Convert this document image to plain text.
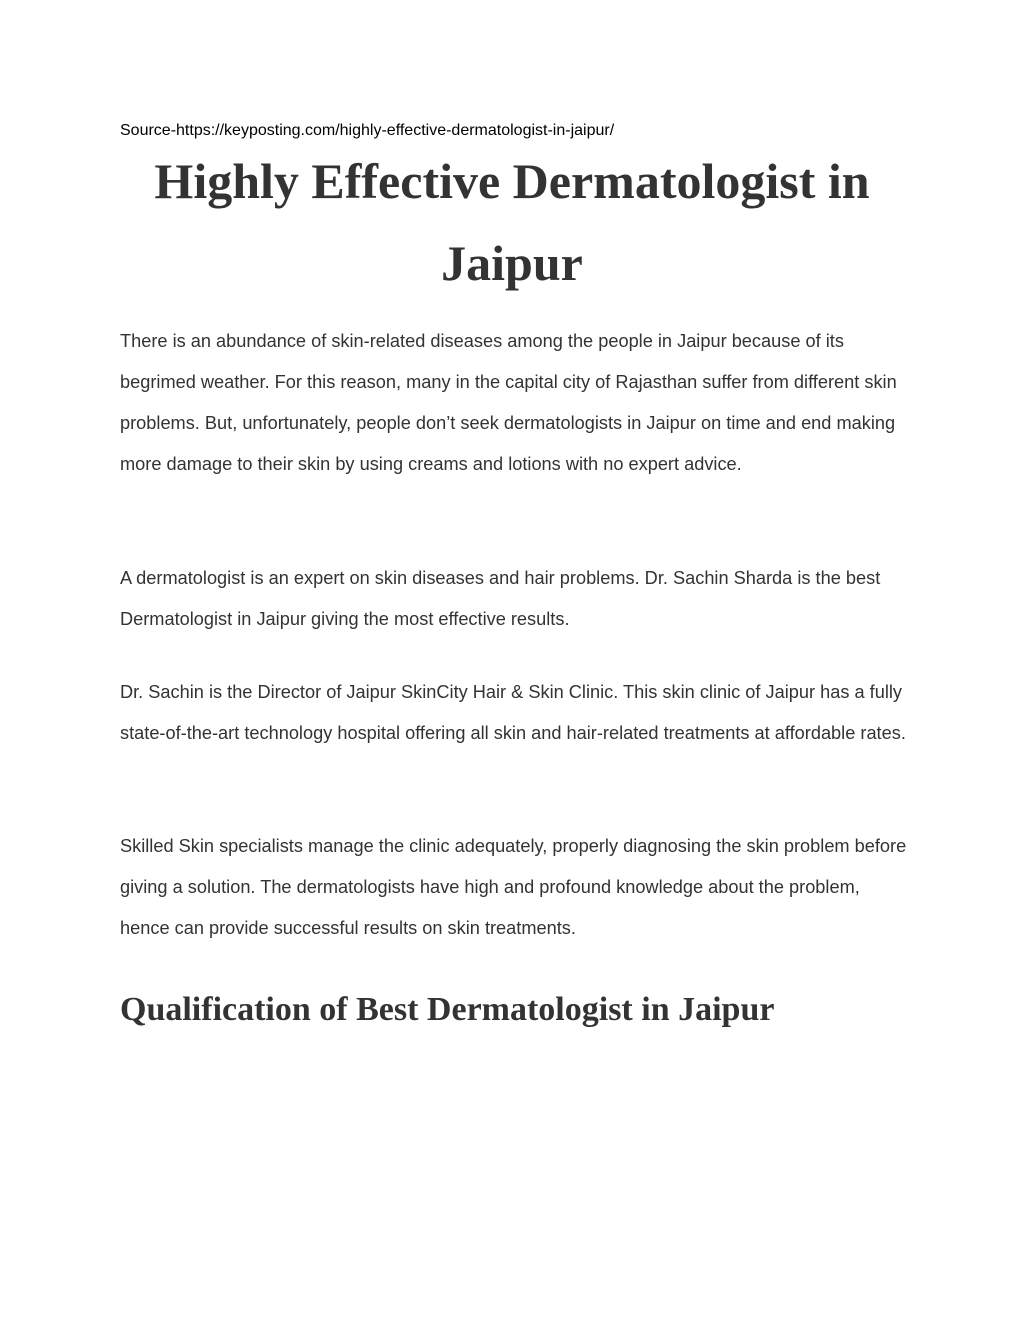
Source-https://keyposting.com/highly-effective-dermatologist-in-jaipur/

Highly Effective Dermatologist in Jaipur

There is an abundance of skin-related diseases among the people in Jaipur because of its begrimed weather. For this reason, many in the capital city of Rajasthan suffer from different skin problems. But, unfortunately, people don’t seek dermatologists in Jaipur on time and end making more damage to their skin by using creams and lotions with no expert advice.

A dermatologist is an expert on skin diseases and hair problems. Dr. Sachin Sharda is the best Dermatologist in Jaipur giving the most effective results.

Dr. Sachin is the Director of Jaipur SkinCity Hair & Skin Clinic. This skin clinic of Jaipur has a fully state-of-the-art technology hospital offering all skin and hair-related treatments at affordable rates.

Skilled Skin specialists manage the clinic adequately, properly diagnosing the skin problem before giving a solution. The dermatologists have high and profound knowledge about the problem, hence can provide successful results on skin treatments.

Qualification of Best Dermatologist in Jaipur
